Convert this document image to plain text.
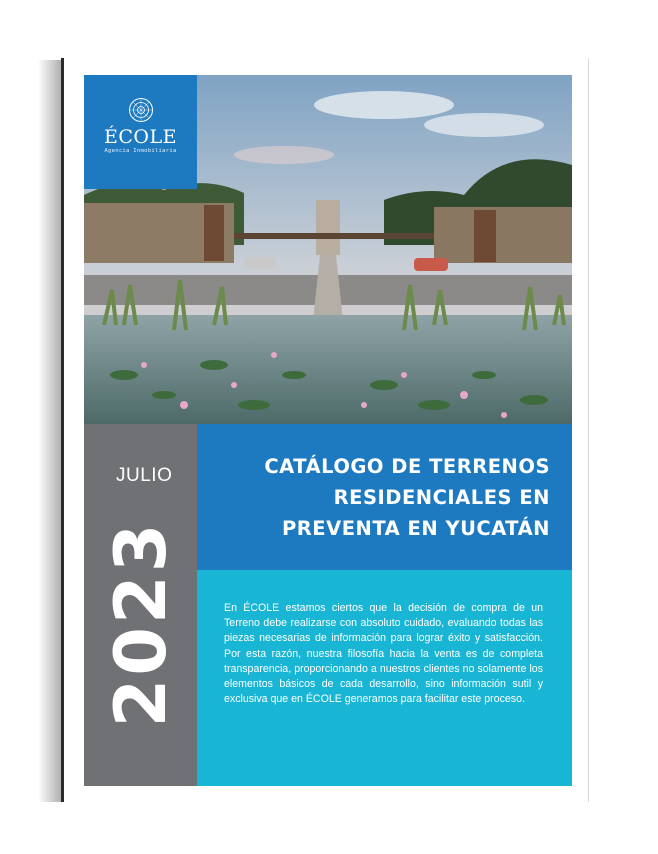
ÉCOLE
Agencia Inmobiliaria
JULIO
2023
CATÁLOGO DE TERRENOS
RESIDENCIALES EN
PREVENTA EN YUCATÁN
En ÉCOLE estamos ciertos que la decisión de compra de un Terreno debe realizarse con absoluto cuidado, evaluando todas las piezas necesarias de información para lograr éxito y satisfacción. Por esta razón, nuestra filosofía hacia la venta es de completa transparencia, proporcionando a nuestros clientes no solamente los elementos básicos de cada desarrollo, sino información sutil y exclusiva que en ÉCOLE generamos para facilitar este proceso.
